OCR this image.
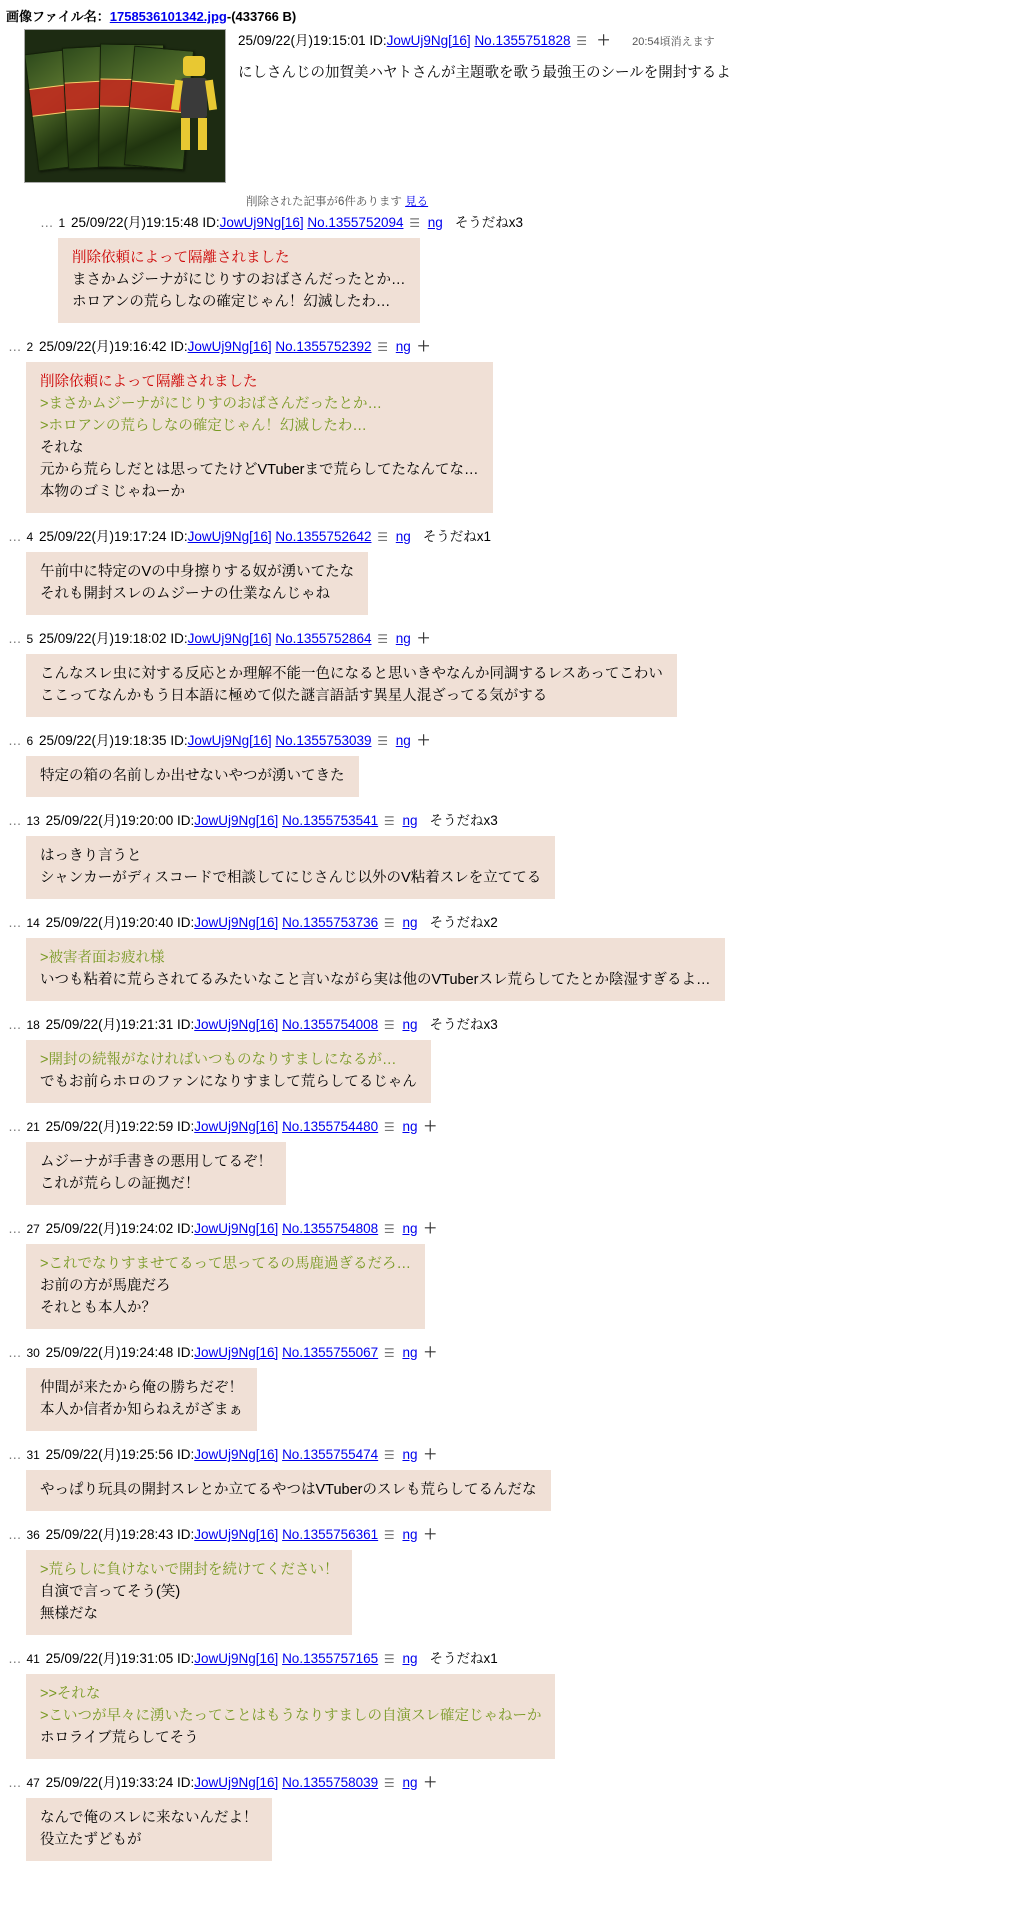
画像ファイル名：1758536101342.jpg-(433766 B)
25/09/22(月)19:15:01 ID:JowUj9Ng[16] No.1355751828 ☰ ＋ 20:54頃消えます
にしさんじの加賀美ハヤトさんが主題歌を歌う最強王のシールを開封するよ
削除された記事が6件あります 見る
… 1 25/09/22(月)19:15:48 ID:JowUj9Ng[16] No.1355752094 ☰ ng そうだねx3
削除依頼によって隔離されました
まさかムジーナがにじりすのおばさんだったとか…
ホロアンの荒らしなの確定じゃん！幻滅したわ…
… 2 25/09/22(月)19:16:42 ID:JowUj9Ng[16] No.1355752392 ☰ ng ＋
削除依頼によって隔離されました
>まさかムジーナがにじりすのおばさんだったとか…
>ホロアンの荒らしなの確定じゃん！幻滅したわ…
それな
元から荒らしだとは思ってたけどVTuberまで荒らしてたなんてな…
本物のゴミじゃねーか
… 4 25/09/22(月)19:17:24 ID:JowUj9Ng[16] No.1355752642 ☰ ng そうだねx1
午前中に特定のVの中身擦りする奴が湧いてたな
それも開封スレのムジーナの仕業なんじゃね
… 5 25/09/22(月)19:18:02 ID:JowUj9Ng[16] No.1355752864 ☰ ng ＋
こんなスレ虫に対する反応とか理解不能一色になると思いきやなんか同調するレスあってこわい
ここってなんかもう日本語に極めて似た謎言語話す異星人混ざってる気がする
… 6 25/09/22(月)19:18:35 ID:JowUj9Ng[16] No.1355753039 ☰ ng ＋
特定の箱の名前しか出せないやつが湧いてきた
… 13 25/09/22(月)19:20:00 ID:JowUj9Ng[16] No.1355753541 ☰ ng そうだねx3
はっきり言うと
シャンカーがディスコードで相談してにじさんじ以外のV粘着スレを立ててる
… 14 25/09/22(月)19:20:40 ID:JowUj9Ng[16] No.1355753736 ☰ ng そうだねx2
>被害者面お疲れ様
いつも粘着に荒らされてるみたいなこと言いながら実は他のVTuberスレ荒らしてたとか陰湿すぎるよ…
… 18 25/09/22(月)19:21:31 ID:JowUj9Ng[16] No.1355754008 ☰ ng そうだねx3
>開封の続報がなければいつものなりすましになるが…
でもお前らホロのファンになりすまして荒らしてるじゃん
… 21 25/09/22(月)19:22:59 ID:JowUj9Ng[16] No.1355754480 ☰ ng ＋
ムジーナが手書きの悪用してるぞ！
これが荒らしの証拠だ！
… 27 25/09/22(月)19:24:02 ID:JowUj9Ng[16] No.1355754808 ☰ ng ＋
>これでなりすませてるって思ってるの馬鹿過ぎるだろ…
お前の方が馬鹿だろ
それとも本人か？
… 30 25/09/22(月)19:24:48 ID:JowUj9Ng[16] No.1355755067 ☰ ng ＋
仲間が来たから俺の勝ちだぞ！
本人か信者か知らねえがざまぁ
… 31 25/09/22(月)19:25:56 ID:JowUj9Ng[16] No.1355755474 ☰ ng ＋
やっぱり玩具の開封スレとか立てるやつはVTuberのスレも荒らしてるんだな
… 36 25/09/22(月)19:28:43 ID:JowUj9Ng[16] No.1355756361 ☰ ng ＋
>荒らしに負けないで開封を続けてください！
自演で言ってそう(笑)
無様だな
… 41 25/09/22(月)19:31:05 ID:JowUj9Ng[16] No.1355757165 ☰ ng そうだねx1
>>それな
>こいつが早々に湧いたってことはもうなりすましの自演スレ確定じゃねーか
ホロライブ荒らしてそう
… 47 25/09/22(月)19:33:24 ID:JowUj9Ng[16] No.1355758039 ☰ ng ＋
なんで俺のスレに来ないんだよ！
役立たずどもが
